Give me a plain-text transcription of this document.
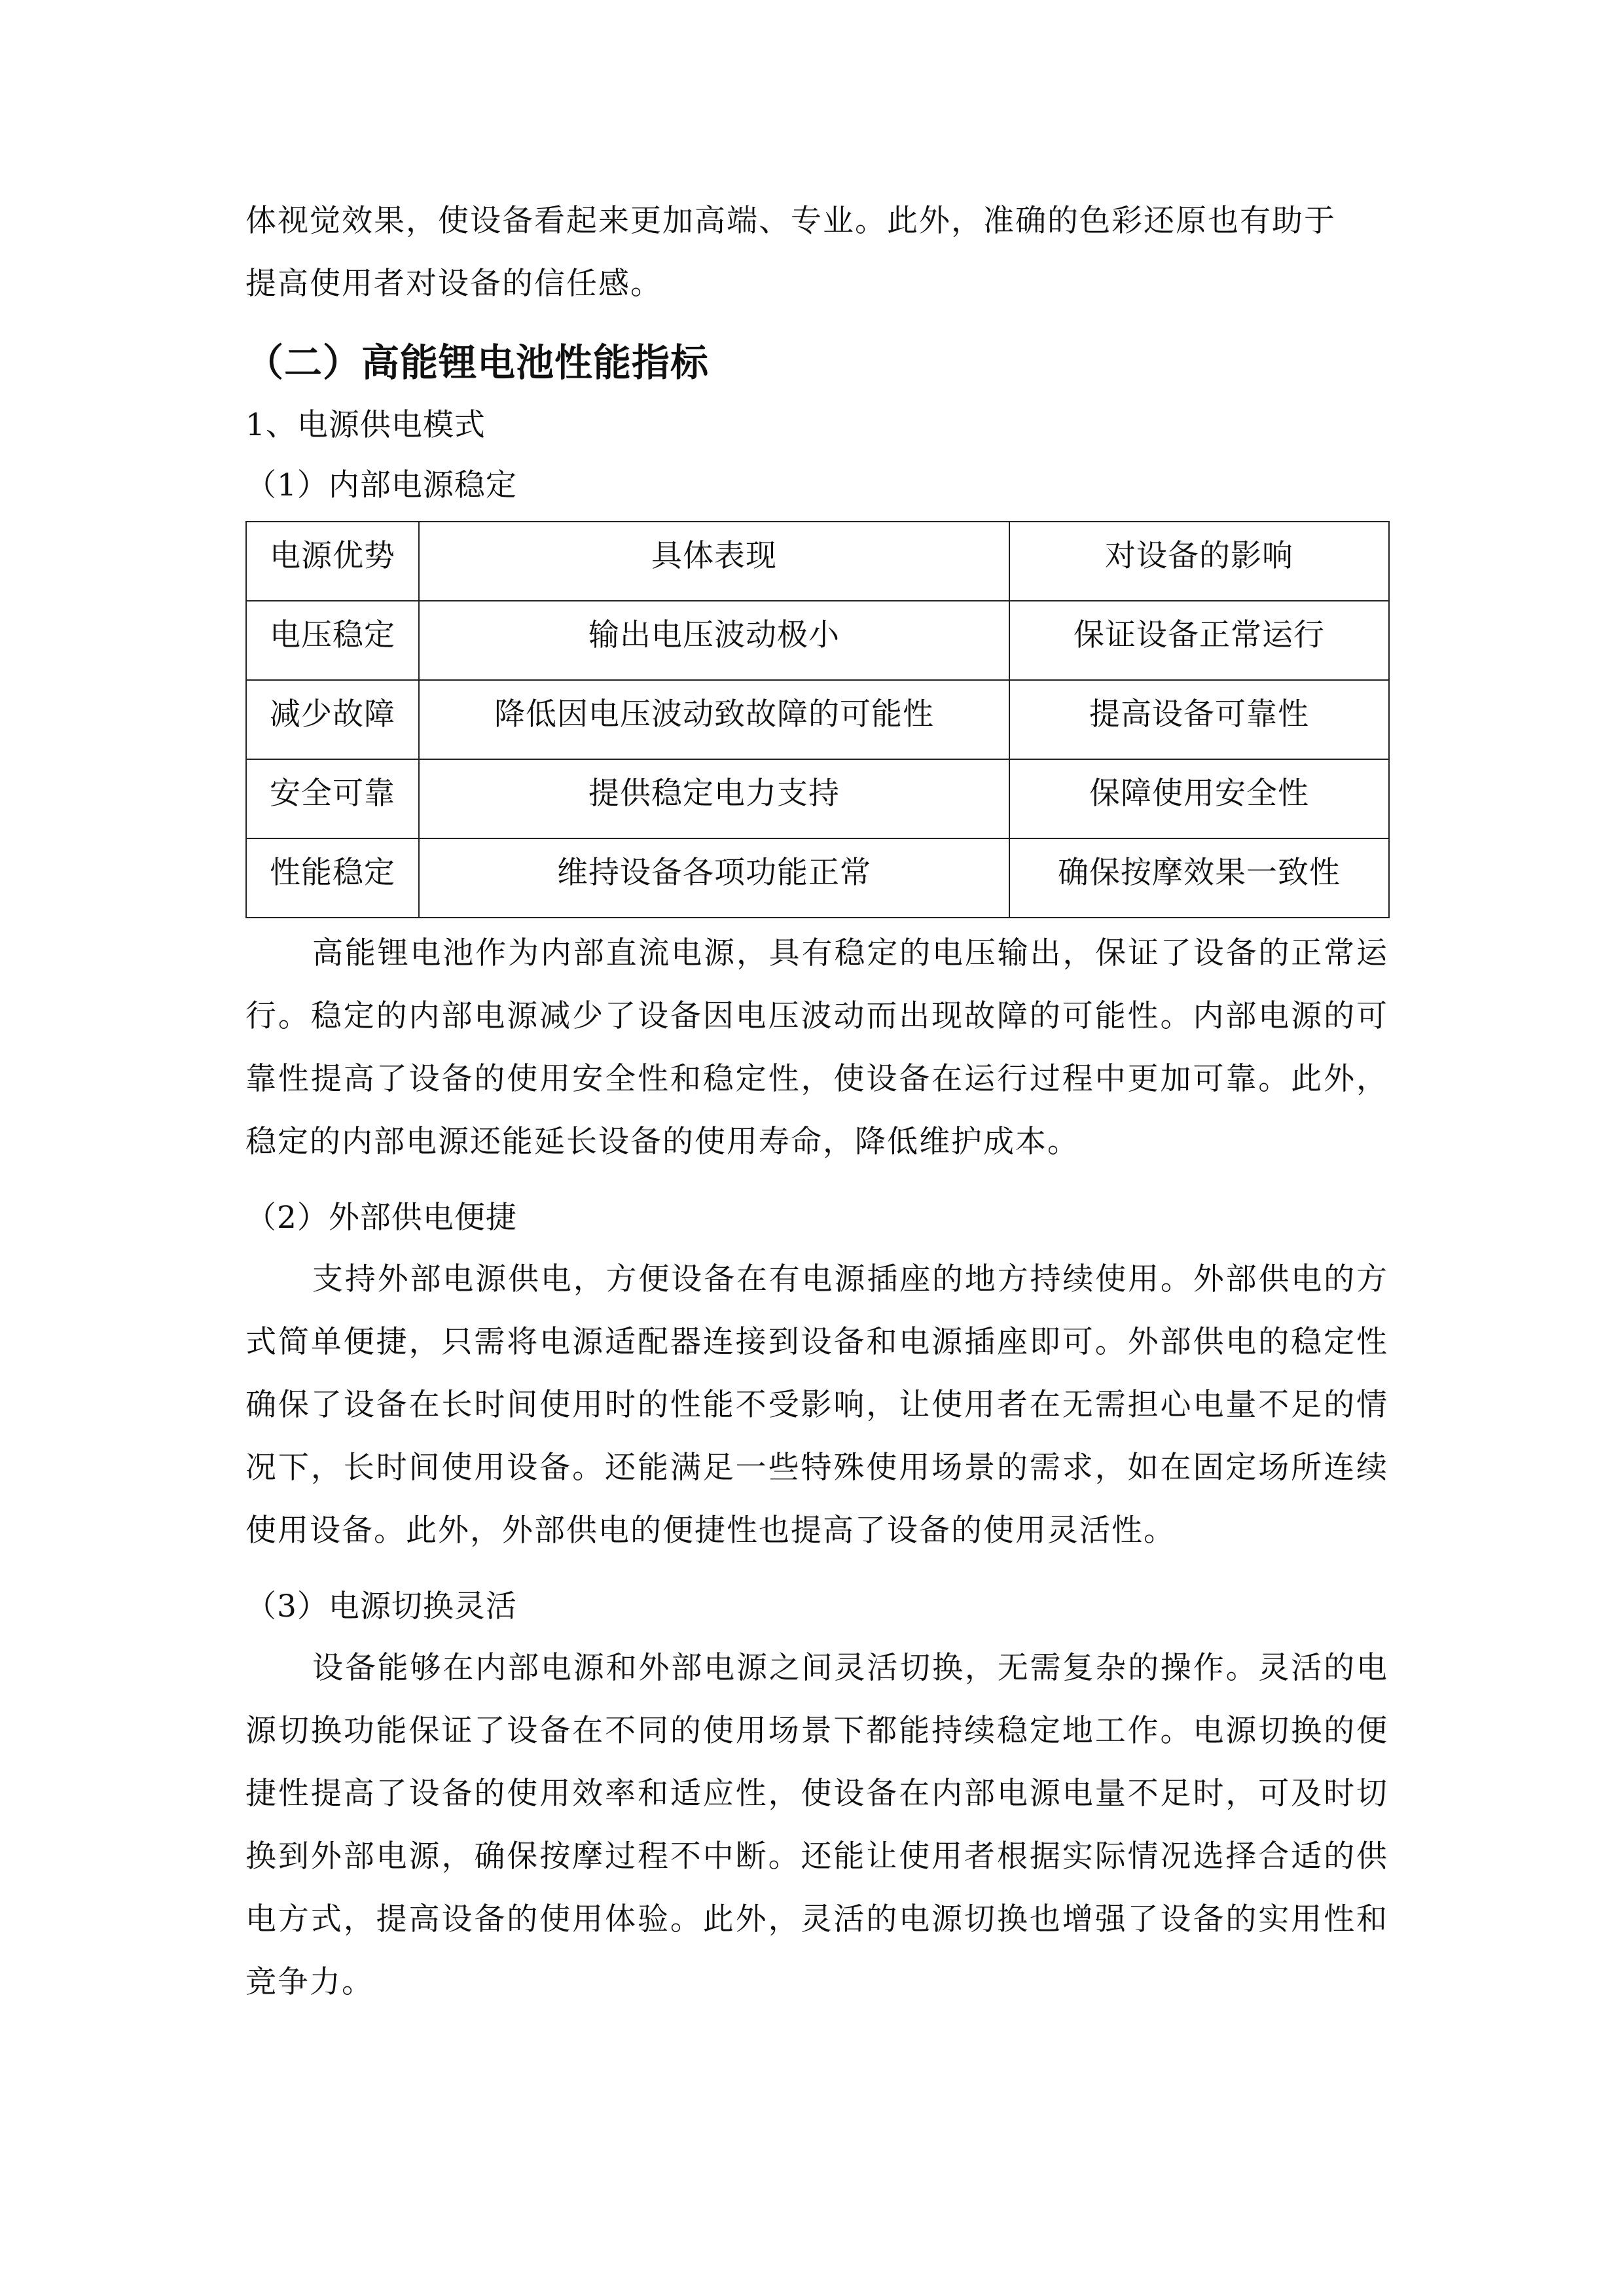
体视觉效果，使设备看起来更加高端、专业。此外，准确的色彩还原也有助于
提高使用者对设备的信任感。

（二）高能锂电池性能指标

1、电源供电模式

（1）内部电源稳定

电源优势	具体表现	对设备的影响
电压稳定	输出电压波动极小	保证设备正常运行
减少故障	降低因电压波动致故障的可能性	提高设备可靠性
安全可靠	提供稳定电力支持	保障使用安全性
性能稳定	维持设备各项功能正常	确保按摩效果一致性

高能锂电池作为内部直流电源，具有稳定的电压输出，保证了设备的正常运行。稳定的内部电源减少了设备因电压波动而出现故障的可能性。内部电源的可靠性提高了设备的使用安全性和稳定性，使设备在运行过程中更加可靠。此外，稳定的内部电源还能延长设备的使用寿命，降低维护成本。

（2）外部供电便捷

支持外部电源供电，方便设备在有电源插座的地方持续使用。外部供电的方式简单便捷，只需将电源适配器连接到设备和电源插座即可。外部供电的稳定性确保了设备在长时间使用时的性能不受影响，让使用者在无需担心电量不足的情况下，长时间使用设备。还能满足一些特殊使用场景的需求，如在固定场所连续使用设备。此外，外部供电的便捷性也提高了设备的使用灵活性。

（3）电源切换灵活

设备能够在内部电源和外部电源之间灵活切换，无需复杂的操作。灵活的电源切换功能保证了设备在不同的使用场景下都能持续稳定地工作。电源切换的便捷性提高了设备的使用效率和适应性，使设备在内部电源电量不足时，可及时切换到外部电源，确保按摩过程不中断。还能让使用者根据实际情况选择合适的供电方式，提高设备的使用体验。此外，灵活的电源切换也增强了设备的实用性和竞争力。
